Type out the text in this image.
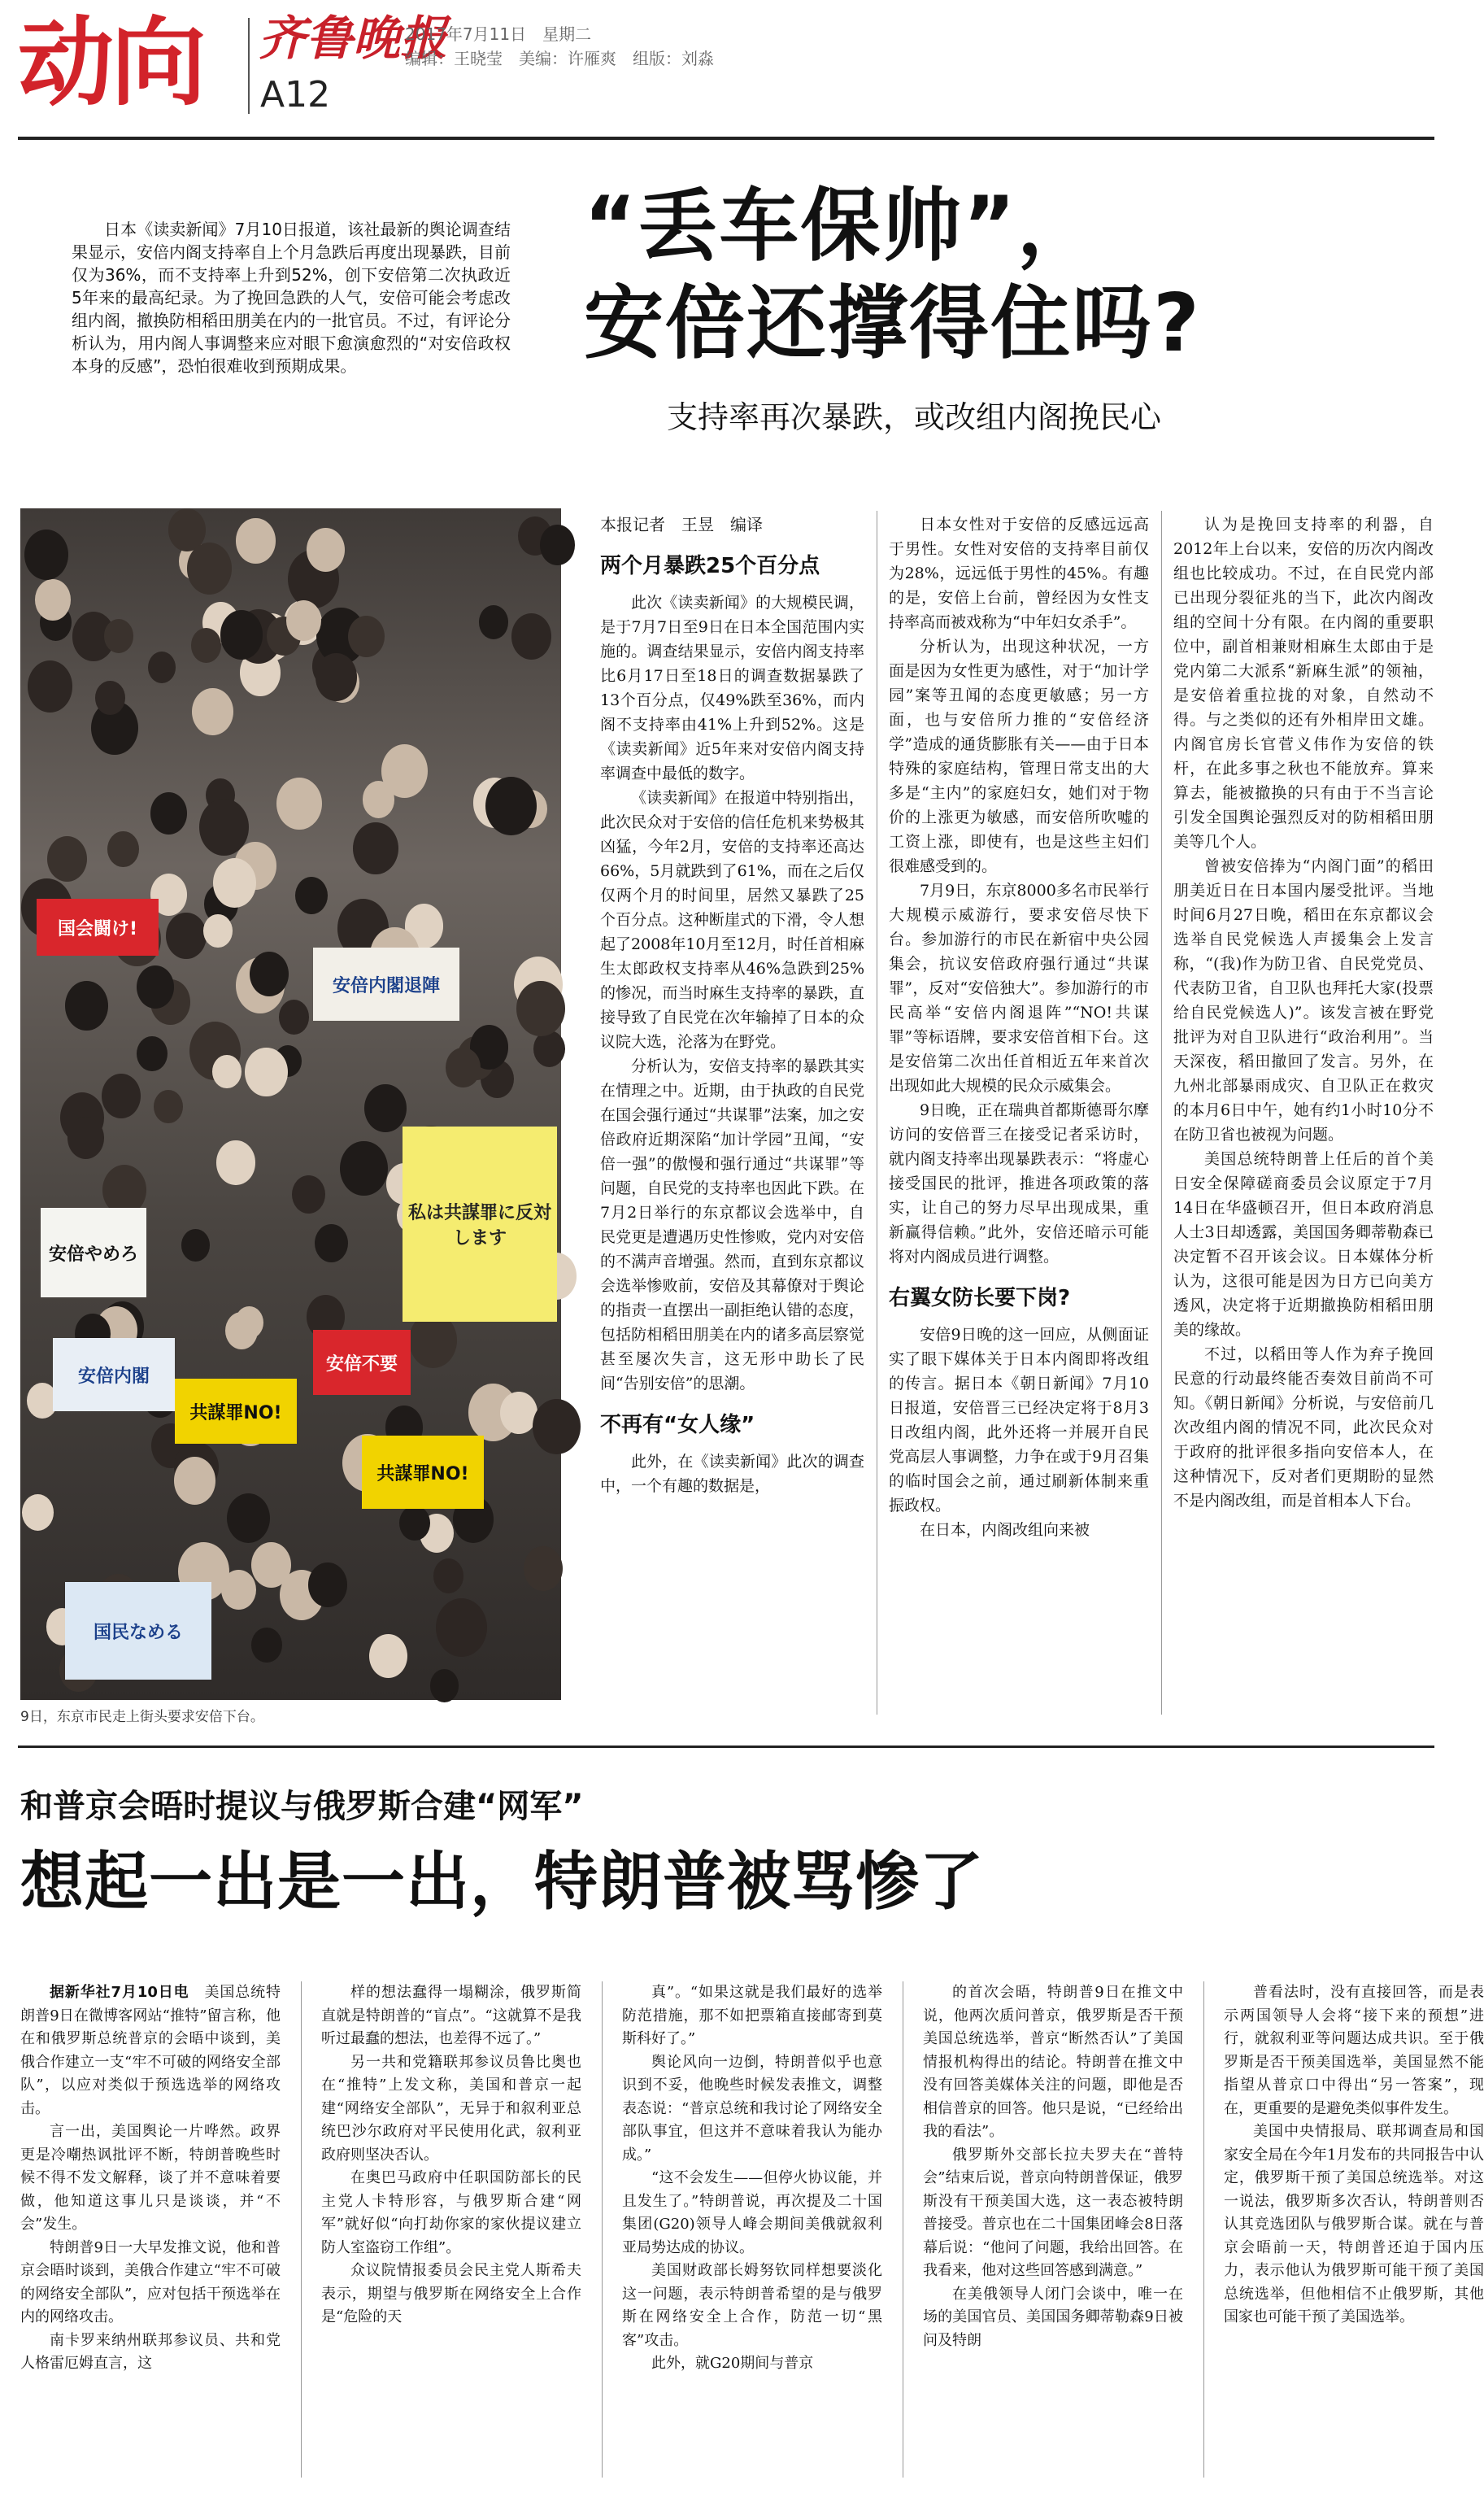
动向	齐鲁晚报
A12
2017年7月11日　星期二
编辑：王晓莹　美编：许雁爽　组版：刘淼
日本《读卖新闻》7月10日报道，该社最新的舆论调查结果显示，安倍内阁支持率自上个月急跌后再度出现暴跌，目前仅为36%，而不支持率上升到52%，创下安倍第二次执政近5年来的最高纪录。为了挽回急跌的人气，安倍可能会考虑改组内阁，撤换防相稻田朋美在内的一批官员。不过，有评论分析认为，用内阁人事调整来应对眼下愈演愈烈的“对安倍政权本身的反感”，恐怕很难收到预期成果。
“丢车保帅”，
安倍还撑得住吗?
支持率再次暴跌，或改组内阁挽民心
国会闘け!
安倍内閣退陣
共謀罪NO!
共謀罪NO!
安倍内閣
私は共謀罪に反対します
国民なめる
安倍やめろ
安倍不要
9日，东京市民走上街头要求安倍下台。
本报记者　王昱　编译
两个月暴跌25个百分点

此次《读卖新闻》的大规模民调，是于7月7日至9日在日本全国范围内实施的。调查结果显示，安倍内阁支持率比6月17日至18日的调查数据暴跌了13个百分点，仅49%跌至36%，而内阁不支持率由41%上升到52%。这是《读卖新闻》近5年来对安倍内阁支持率调查中最低的数字。

《读卖新闻》在报道中特别指出，此次民众对于安倍的信任危机来势极其凶猛，今年2月，安倍的支持率还高达66%，5月就跌到了61%，而在之后仅仅两个月的时间里，居然又暴跌了25个百分点。这种断崖式的下滑，令人想起了2008年10月至12月，时任首相麻生太郎政权支持率从46%急跌到25%的惨况，而当时麻生支持率的暴跌，直接导致了自民党在次年输掉了日本的众议院大选，沦落为在野党。

分析认为，安倍支持率的暴跌其实在情理之中。近期，由于执政的自民党在国会强行通过“共谋罪”法案，加之安倍政府近期深陷“加计学园”丑闻，“安倍一强”的傲慢和强行通过“共谋罪”等问题，自民党的支持率也因此下跌。在7月2日举行的东京都议会选举中，自民党更是遭遇历史性惨败，党内对安倍的不满声音增强。然而，直到东京都议会选举惨败前，安倍及其幕僚对于舆论的指责一直摆出一副拒绝认错的态度，包括防相稻田朋美在内的诸多高层察觉甚至屡次失言，这无形中助长了民间“告别安倍”的思潮。

不再有“女人缘”

此外，在《读卖新闻》此次的调查中，一个有趣的数据是，

日本女性对于安倍的反感远远高于男性。女性对安倍的支持率目前仅为28%，远远低于男性的45%。有趣的是，安倍上台前，曾经因为女性支持率高而被戏称为“中年妇女杀手”。

分析认为，出现这种状况，一方面是因为女性更为感性，对于“加计学园”案等丑闻的态度更敏感；另一方面，也与安倍所力推的“安倍经济学”造成的通货膨胀有关——由于日本特殊的家庭结构，管理日常支出的大多是“主内”的家庭妇女，她们对于物价的上涨更为敏感，而安倍所吹嘘的工资上涨，即使有，也是这些主妇们很难感受到的。

7月9日，东京8000多名市民举行大规模示威游行，要求安倍尽快下台。参加游行的市民在新宿中央公园集会，抗议安倍政府强行通过“共谋罪”，反对“安倍独大”。参加游行的市民高举“安倍内阁退阵”“NO!共谋罪”等标语牌，要求安倍首相下台。这是安倍第二次出任首相近五年来首次出现如此大规模的民众示威集会。

9日晚，正在瑞典首都斯德哥尔摩访问的安倍晋三在接受记者采访时，就内阁支持率出现暴跌表示：“将虚心接受国民的批评，推进各项政策的落实，让自己的努力尽早出现成果，重新赢得信赖。”此外，安倍还暗示可能将对内阁成员进行调整。

右翼女防长要下岗?

安倍9日晚的这一回应，从侧面证实了眼下媒体关于日本内阁即将改组的传言。据日本《朝日新闻》7月10日报道，安倍晋三已经决定将于8月3日改组内阁，此外还将一并展开自民党高层人事调整，力争在或于9月召集的临时国会之前，通过刷新体制来重振政权。

在日本，内阁改组向来被

认为是挽回支持率的利器，自2012年上台以来，安倍的历次内阁改组也比较成功。不过，在自民党内部已出现分裂征兆的当下，此次内阁改组的空间十分有限。在内阁的重要职位中，副首相兼财相麻生太郎由于是党内第二大派系“新麻生派”的领袖，是安倍着重拉拢的对象，自然动不得。与之类似的还有外相岸田文雄。内阁官房长官菅义伟作为安倍的铁杆，在此多事之秋也不能放弃。算来算去，能被撤换的只有由于不当言论引发全国舆论强烈反对的防相稻田朋美等几个人。

曾被安倍捧为“内阁门面”的稻田朋美近日在日本国内屡受批评。当地时间6月27日晚，稻田在东京都议会选举自民党候选人声援集会上发言称，“(我)作为防卫省、自民党党员、代表防卫省，自卫队也拜托大家(投票给自民党候选人)”。该发言被在野党批评为对自卫队进行“政治利用”。当天深夜，稻田撤回了发言。另外，在九州北部暴雨成灾、自卫队正在救灾的本月6日中午，她有约1小时10分不在防卫省也被视为问题。

美国总统特朗普上任后的首个美日安全保障磋商委员会议原定于7月14日在华盛顿召开，但日本政府消息人士3日却透露，美国国务卿蒂勒森已决定暂不召开该会议。日本媒体分析认为，这很可能是因为日方已向美方透风，决定将于近期撤换防相稻田朋美的缘故。

不过，以稻田等人作为弃子挽回民意的行动最终能否奏效目前尚不可知。《朝日新闻》分析说，与安倍前几次改组内阁的情况不同，此次民众对于政府的批评很多指向安倍本人，在这种情况下，反对者们更期盼的显然不是内阁改组，而是首相本人下台。

和普京会晤时提议与俄罗斯合建“网军”
想起一出是一出，特朗普被骂惨了

据新华社7月10日电　美国总统特朗普9日在微博客网站“推特”留言称，他在和俄罗斯总统普京的会晤中谈到，美俄合作建立一支“牢不可破的网络安全部队”，以应对类似于预选选举的网络攻击。

言一出，美国舆论一片哗然。政界更是冷嘲热讽批评不断，特朗普晚些时候不得不发文解释，谈了并不意味着要做，他知道这事儿只是谈谈，并“不会”发生。

特朗普9日一大早发推文说，他和普京会晤时谈到，美俄合作建立“牢不可破的网络安全部队”，应对包括干预选举在内的网络攻击。

南卡罗来纳州联邦参议员、共和党人格雷厄姆直言，这

样的想法蠢得一塌糊涂，俄罗斯简直就是特朗普的“盲点”。“这就算不是我听过最蠢的想法，也差得不远了。”

另一共和党籍联邦参议员鲁比奥也在“推特”上发文称，美国和普京一起建“网络安全部队”，无异于和叙利亚总统巴沙尔政府对平民使用化武，叙利亚政府则坚决否认。

在奥巴马政府中任职国防部长的民主党人卡特形容，与俄罗斯合建“网军”就好似“向打劫你家的家伙提议建立防人室盗窃工作组”。

众议院情报委员会民主党人斯希夫表示，期望与俄罗斯在网络安全上合作是“危险的天

真”。“如果这就是我们最好的选举防范措施，那不如把票箱直接邮寄到莫斯科好了。”

舆论风向一边倒，特朗普似乎也意识到不妥，他晚些时候发表推文，调整表态说：“普京总统和我讨论了网络安全部队事宜，但这并不意味着我认为能办成。”

“这不会发生——但停火协议能，并且发生了。”特朗普说，再次提及二十国集团(G20)领导人峰会期间美俄就叙利亚局势达成的协议。

美国财政部长姆努钦同样想要淡化这一问题，表示特朗普希望的是与俄罗斯在网络安全上合作，防范一切“黑客”攻击。

此外，就G20期间与普京

的首次会晤，特朗普9日在推文中说，他两次质问普京，俄罗斯是否干预美国总统选举，普京“断然否认”了美国情报机构得出的结论。特朗普在推文中没有回答美媒体关注的问题，即他是否相信普京的回答。他只是说，“已经给出我的看法”。

俄罗斯外交部长拉夫罗夫在“普特会”结束后说，普京向特朗普保证，俄罗斯没有干预美国大选，这一表态被特朗普接受。普京也在二十国集团峰会8日落幕后说：“他问了问题，我给出回答。在我看来，他对这些回答感到满意。”

在美俄领导人闭门会谈中，唯一在场的美国官员、美国国务卿蒂勒森9日被问及特朗

普看法时，没有直接回答，而是表示两国领导人会将“接下来的预想”进行，就叙利亚等问题达成共识。至于俄罗斯是否干预美国选举，美国显然不能指望从普京口中得出“另一答案”，现在，更重要的是避免类似事件发生。

美国中央情报局、联邦调查局和国家安全局在今年1月发布的共同报告中认定，俄罗斯干预了美国总统选举。对这一说法，俄罗斯多次否认，特朗普则否认其竞选团队与俄罗斯合谋。就在与普京会晤前一天，特朗普还迫于国内压力，表示他认为俄罗斯可能干预了美国总统选举，但他相信不止俄罗斯，其他国家也可能干预了美国选举。
